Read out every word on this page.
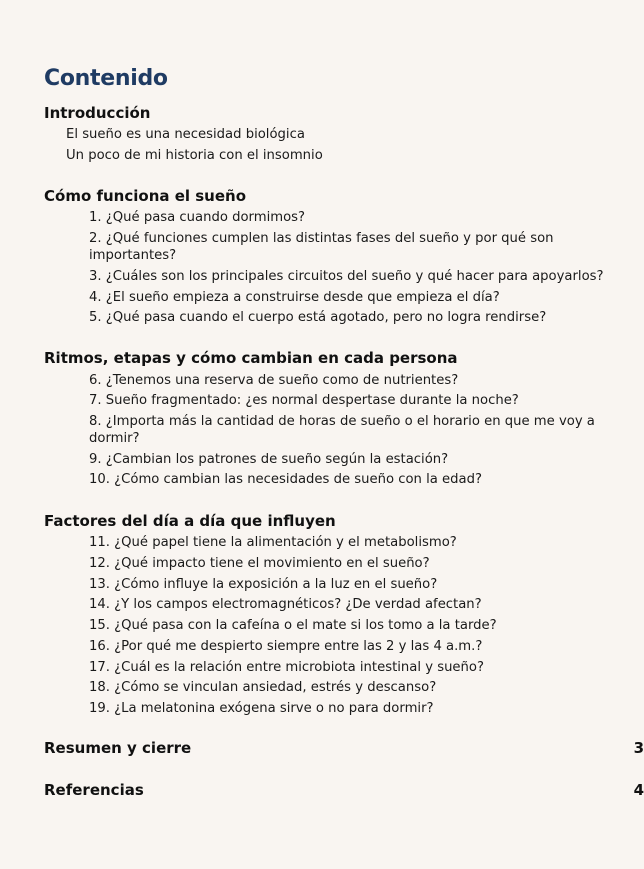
Contenido
Introducción
El sueño es una necesidad biológica
Un poco de mi historia con el insomnio
Cómo funciona el sueño
1. ¿Qué pasa cuando dormimos?
2. ¿Qué funciones cumplen las distintas fases del sueño y por qué son importantes?
3. ¿Cuáles son los principales circuitos del sueño y qué hacer para apoyarlos?
4. ¿El sueño empieza a construirse desde que empieza el día?
5. ¿Qué pasa cuando el cuerpo está agotado, pero no logra rendirse?
Ritmos, etapas y cómo cambian en cada persona
6. ¿Tenemos una reserva de sueño como de nutrientes?
7. Sueño fragmentado: ¿es normal despertase durante la noche?
8. ¿Importa más la cantidad de horas de sueño o el horario en que me voy a dormir?
9. ¿Cambian los patrones de sueño según la estación?
10. ¿Cómo cambian las necesidades de sueño con la edad?
Factores del día a día que influyen
11. ¿Qué papel tiene la alimentación y el metabolismo?
12. ¿Qué impacto tiene el movimiento en el sueño?
13. ¿Cómo influye la exposición a la luz en el sueño?
14. ¿Y los campos electromagnéticos? ¿De verdad afectan?
15. ¿Qué pasa con la cafeína o el mate si los tomo a la tarde?
16. ¿Por qué me despierto siempre entre las 2 y las 4 a.m.?
17. ¿Cuál es la relación entre microbiota intestinal y sueño?
18. ¿Cómo se vinculan ansiedad, estrés y descanso?
19. ¿La melatonina exógena sirve o no para dormir?
Resumen y cierre	3
Referencias	4
